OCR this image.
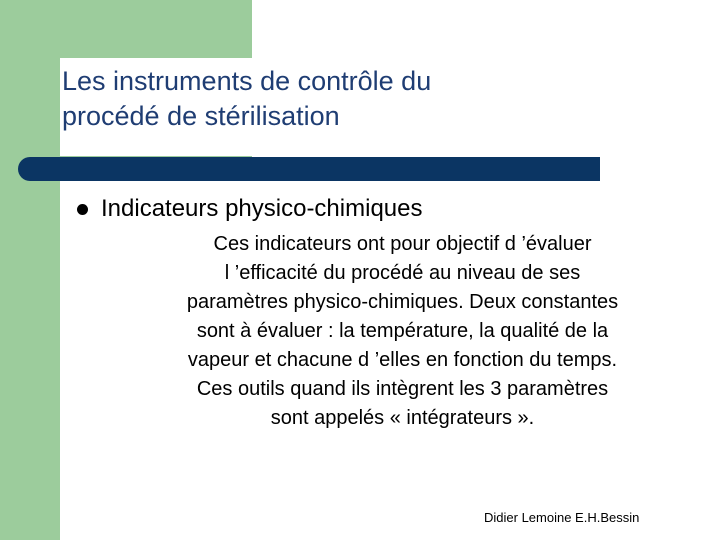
Les instruments de contrôle du
procédé de stérilisation
Indicateurs physico-chimiques
Ces indicateurs ont pour objectif d ’évaluer
l ’efficacité du procédé au niveau de ses
paramètres physico-chimiques. Deux constantes
sont à évaluer : la température, la qualité de la
vapeur et chacune d ’elles en fonction du temps.
Ces outils quand ils intègrent les 3 paramètres
sont appelés « intégrateurs ».
Didier Lemoine E.H.Bessin
